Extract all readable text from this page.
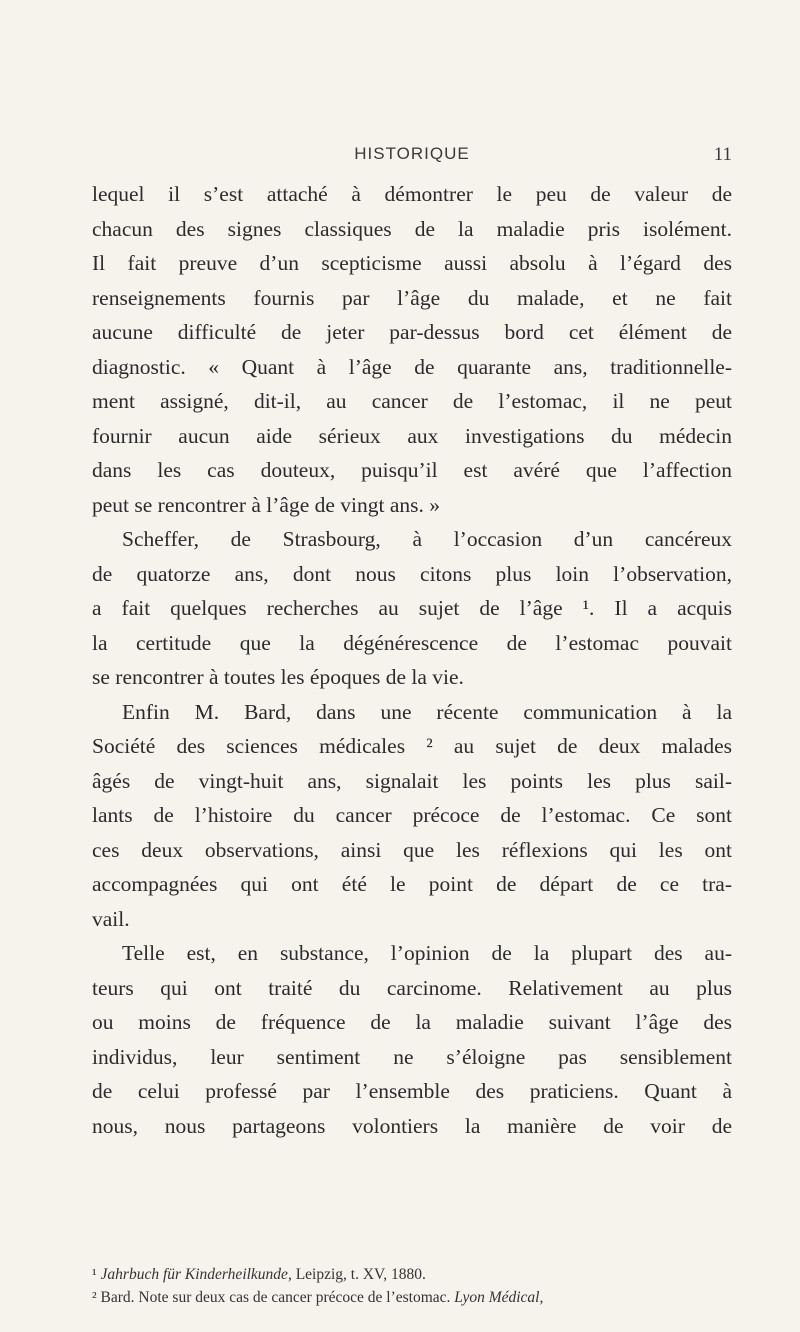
HISTORIQUE	11
lequel il s’est attaché à démontrer le peu de valeur de
chacun des signes classiques de la maladie pris isolément.
Il fait preuve d’un scepticisme aussi absolu à l’égard des
renseignements fournis par l’âge du malade, et ne fait
aucune difficulté de jeter par-dessus bord cet élément de
diagnostic. « Quant à l’âge de quarante ans, traditionnelle-
ment assigné, dit-il, au cancer de l’estomac, il ne peut
fournir aucun aide sérieux aux investigations du médecin
dans les cas douteux, puisqu’il est avéré que l’affection
peut se rencontrer à l’âge de vingt ans. »
Scheffer, de Strasbourg, à l’occasion d’un cancéreux
de quatorze ans, dont nous citons plus loin l’observation,
a fait quelques recherches au sujet de l’âge ¹. Il a acquis
la certitude que la dégénérescence de l’estomac pouvait
se rencontrer à toutes les époques de la vie.
Enfin M. Bard, dans une récente communication à la
Société des sciences médicales ² au sujet de deux malades
âgés de vingt-huit ans, signalait les points les plus sail-
lants de l’histoire du cancer précoce de l’estomac. Ce sont
ces deux observations, ainsi que les réflexions qui les ont
accompagnées qui ont été le point de départ de ce tra-
vail.
Telle est, en substance, l’opinion de la plupart des au-
teurs qui ont traité du carcinome. Relativement au plus
ou moins de fréquence de la maladie suivant l’âge des
individus, leur sentiment ne s’éloigne pas sensiblement
de celui professé par l’ensemble des praticiens. Quant à
nous, nous partageons volontiers la manière de voir de
¹ Jahrbuch für Kinderheilkunde, Leipzig, t. XV, 1880.
² Bard. Note sur deux cas de cancer précoce de l’estomac. Lyon Médical,
